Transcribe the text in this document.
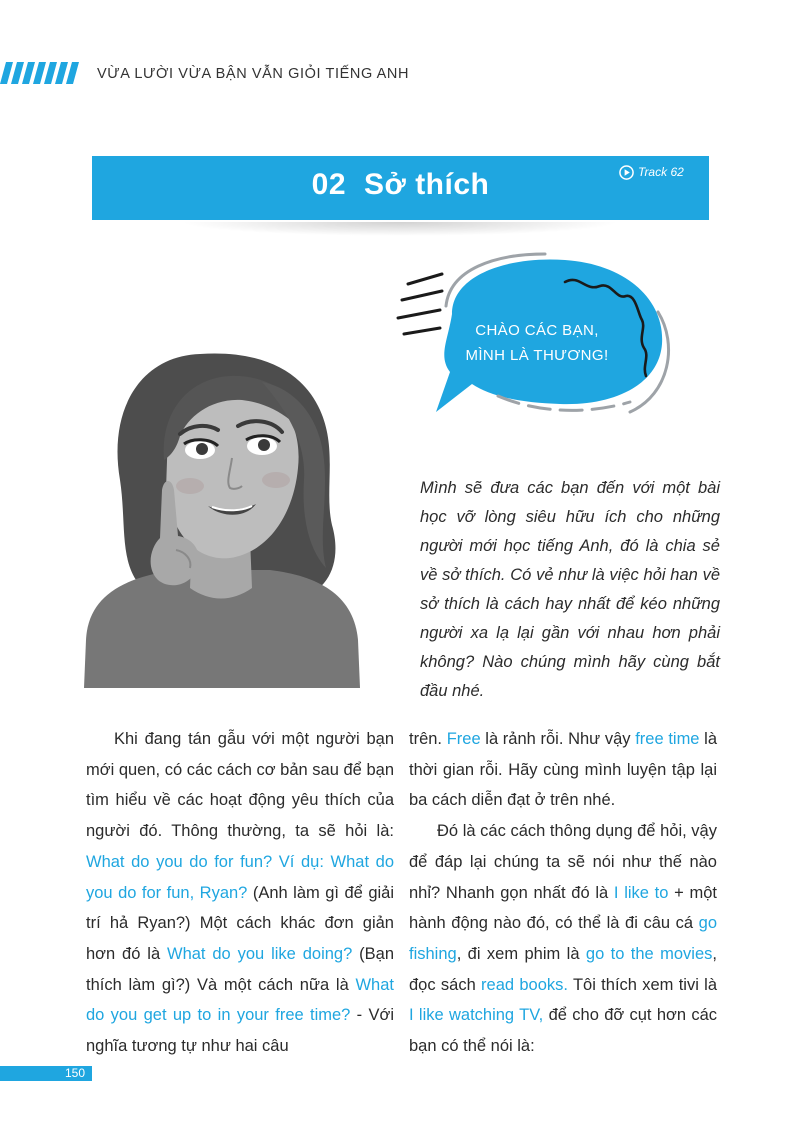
VỪA LƯỜI VỪA BẬN VẪN GIỎI TIẾNG ANH
02 Sở thích	Track 62
CHÀO CÁC BẠN,
MÌNH LÀ THƯƠNG!
Mình sẽ đưa các bạn đến với một bài học vỡ lòng siêu hữu ích cho những người mới học tiếng Anh, đó là chia sẻ về sở thích. Có vẻ như là việc hỏi han về sở thích là cách hay nhất để kéo những người xa lạ lại gần với nhau hơn phải không? Nào chúng mình hãy cùng bắt đầu nhé.

Khi đang tán gẫu với một người bạn mới quen, có các cách cơ bản sau để bạn tìm hiểu về các hoạt động yêu thích của người đó. Thông thường, ta sẽ hỏi là: What do you do for fun? Ví dụ: What do you do for fun, Ryan? (Anh làm gì để giải trí hả Ryan?) Một cách khác đơn giản hơn đó là What do you like doing? (Bạn thích làm gì?) Và một cách nữa là What do you get up to in your free time? - Với nghĩa tương tự như hai câu

trên. Free là rảnh rỗi. Như vậy free time là thời gian rỗi. Hãy cùng mình luyện tập lại ba cách diễn đạt ở trên nhé.

Đó là các cách thông dụng để hỏi, vậy để đáp lại chúng ta sẽ nói như thế nào nhỉ? Nhanh gọn nhất đó là I like to + một hành động nào đó, có thể là đi câu cá go fishing, đi xem phim là go to the movies, đọc sách read books. Tôi thích xem tivi là I like watching TV, để cho đỡ cụt hơn các bạn có thể nói là:

150
